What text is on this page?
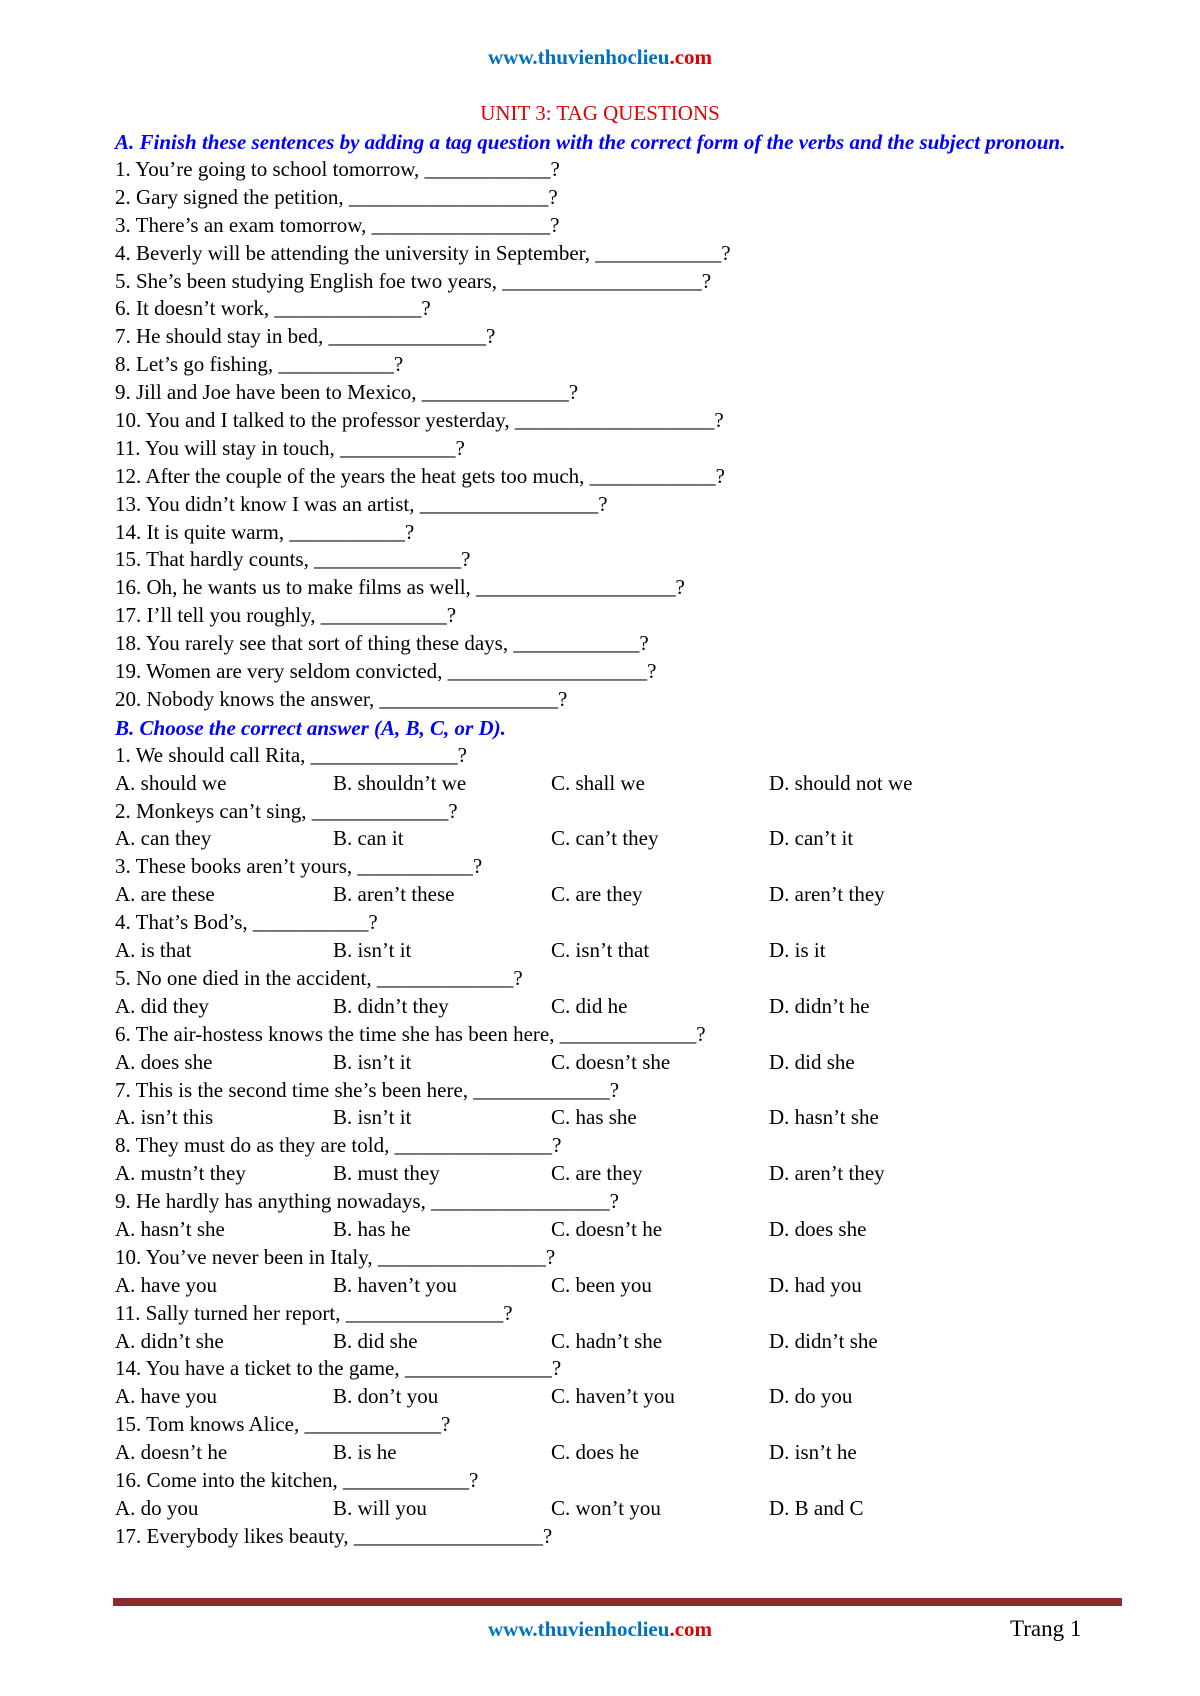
www.thuvienhoclieu.com
UNIT 3: TAG QUESTIONS
A. Finish these sentences by adding a tag question with the correct form of the verbs and the subject pronoun.
1. You’re going to school tomorrow, ____________?
2. Gary signed the petition, ___________________?
3. There’s an exam tomorrow, _________________?
4. Beverly will be attending the university in September, ____________?
5. She’s been studying English foe two years, ___________________?
6. It doesn’t work, ______________?
7. He should stay in bed, _______________?
8. Let’s go fishing, ___________?
9. Jill and Joe have been to Mexico, ______________?
10. You and I talked to the professor yesterday, ___________________?
11. You will stay in touch, ___________?
12. After the couple of the years the heat gets too much, ____________?
13. You didn’t know I was an artist, _________________?
14. It is quite warm, ___________?
15. That hardly counts, ______________?
16. Oh, he wants us to make films as well, ___________________?
17. I’ll tell you roughly, ____________?
18. You rarely see that sort of thing these days, ____________?
19. Women are very seldom convicted, ___________________?
20. Nobody knows the answer, _________________?
B. Choose the correct answer (A, B, C, or D).
1. We should call Rita, ______________?
A. should we	B. shouldn’t we	C. shall we	D. should not we
2. Monkeys can’t sing, _____________?
A. can they	B. can it	C. can’t they	D. can’t it
3. These books aren’t yours, ___________?
A. are these	B. aren’t these	C. are they	D. aren’t they
4. That’s Bod’s, ___________?
A. is that	B. isn’t it	C. isn’t that	D. is it
5. No one died in the accident, _____________?
A. did they	B. didn’t they	C. did he	D. didn’t he
6. The air-hostess knows the time she has been here, _____________?
A. does she	B. isn’t it	C. doesn’t she	D. did she
7. This is the second time she’s been here, _____________?
A. isn’t this	B. isn’t it	C. has she	D. hasn’t she
8. They must do as they are told, _______________?
A. mustn’t they	B. must they	C. are they	D. aren’t they
9. He hardly has anything nowadays, _________________?
A. hasn’t she	B. has he	C. doesn’t he	D. does she
10. You’ve never been in Italy, ________________?
A. have you	B. haven’t you	C. been you	D. had you
11. Sally turned her report, _______________?
A. didn’t she	B. did she	C. hadn’t she	D. didn’t she
14. You have a ticket to the game, ______________?
A. have you	B. don’t you	C. haven’t you	D. do you
15. Tom knows Alice, _____________?
A. doesn’t he	B. is he	C. does he	D. isn’t he
16. Come into the kitchen, ____________?
A. do you	B. will you	C. won’t you	D. B and C
17. Everybody likes beauty, __________________?
www.thuvienhoclieu.com	Trang 1
